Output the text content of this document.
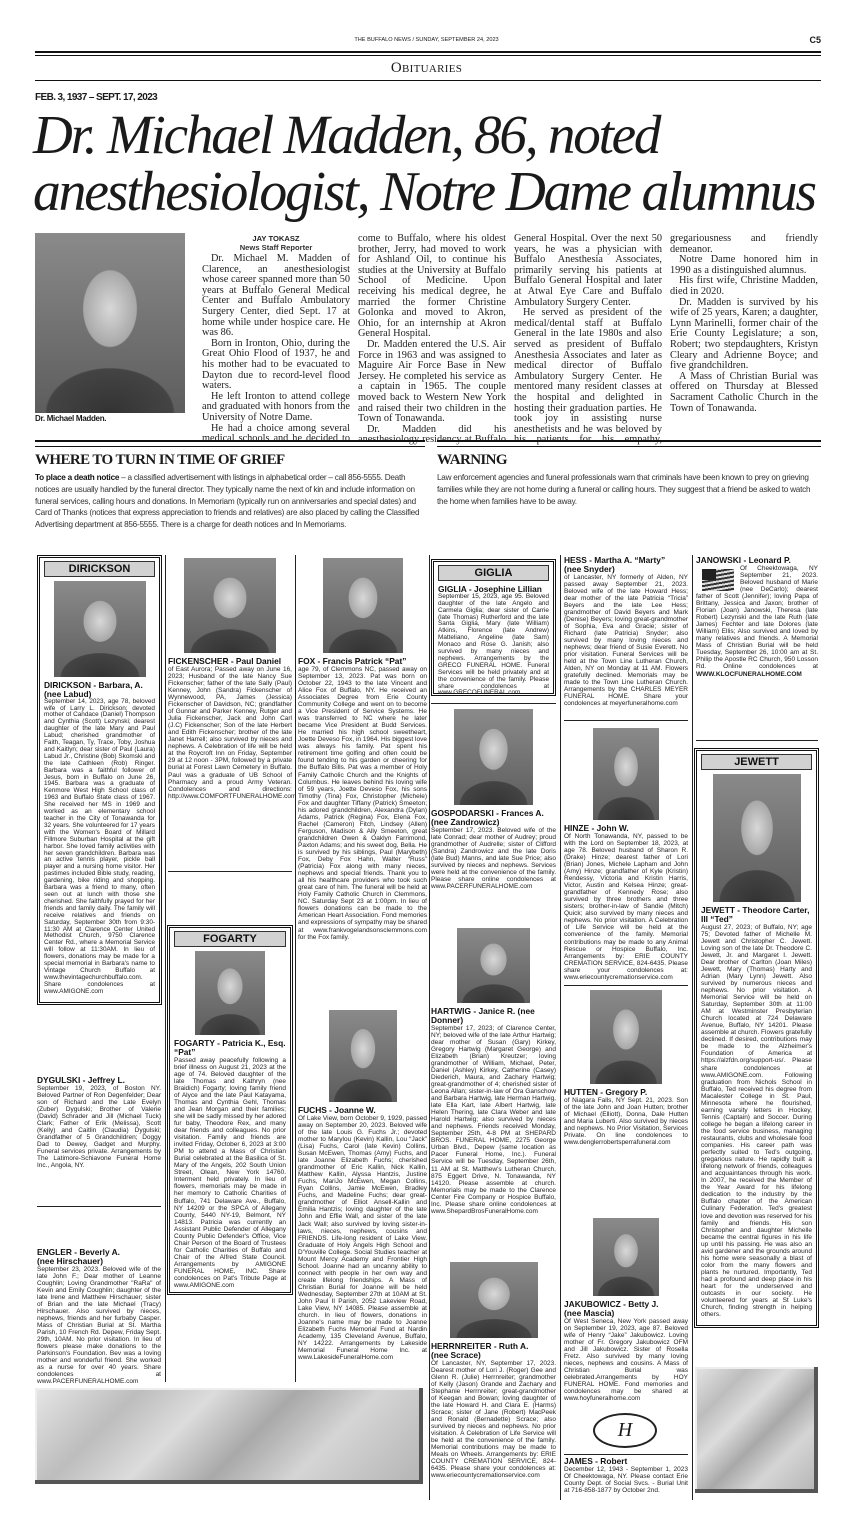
THE BUFFALO NEWS / SUNDAY, SEPTEMBER 24, 2023	C5
Obituaries
FEB. 3, 1937 – SEPT. 17, 2023
Dr. Michael Madden, 86, noted
anesthesiologist, Notre Dame alumnus
Dr. Michael Madden.
JAY TOKASZ
News Staff Reporter

Dr. Michael M. Madden of Clarence, an anesthesiologist whose career spanned more than 50 years at Buffalo General Medical Center and Buffalo Ambulatory Surgery Center, died Sept. 17 at home while under hospice care. He was 86.

Born in Ironton, Ohio, during the Great Ohio Flood of 1937, he and his mother had to be evacuated to Dayton due to record-level flood waters.

He left Ironton to attend college and graduated with honors from the University of Notre Dame.

He had a choice among several medical schools and he decided to come to Buffalo, where his oldest brother, Jerry, had moved to work for Ashland Oil, to continue his studies at the University at Buffalo School of Medicine. Upon receiving his medical degree, he married the former Christine Golonka and moved to Akron, Ohio, for an internship at Akron General Hospital.

Dr. Madden entered the U.S. Air Force in 1963 and was assigned to Maguire Air Force Base in New Jersey. He completed his service as a captain in 1965. The couple moved back to Western New York and raised their two children in the Town of Tonawanda.

Dr. Madden did his anesthesiology residency at Buffalo General Hospital. Over the next 50 years, he was a physician with Buffalo Anesthesia Associates, primarily serving his patients at Buffalo General Hospital and later at Atwal Eye Care and Buffalo Ambulatory Surgery Center.

He served as president of the medical/dental staff at Buffalo General in the late 1980s and also served as president of Buffalo Anesthesia Associates and later as medical director of Buffalo Ambulatory Surgery Center. He mentored many resident classes at the hospital and delighted in hosting their graduation parties. He took joy in assisting nurse anesthetists and he was beloved by his patients for his empathy, gregariousness and friendly demeanor.

Notre Dame honored him in 1990 as a distinguished alumnus.

His first wife, Christine Madden, died in 2020.

Dr. Madden is survived by his wife of 25 years, Karen; a daughter, Lynn Marinelli, former chair of the Erie County Legislature; a son, Robert; two stepdaughters, Kristyn Cleary and Adrienne Boyce; and five grandchildren.

A Mass of Christian Burial was offered on Thursday at Blessed Sacrament Catholic Church in the Town of Tonawanda.

WHERE TO TURN IN TIME OF GRIEF
To place a death notice – a classified advertisement with listings in alphabetical order – call 856-5555. Death notices are usually handled by the funeral director. They typically name the next of kin and include information on funeral services, calling hours and donations. In Memoriam (typically run on anniversaries and special dates) and Card of Thanks (notices that express appreciation to friends and relatives) are also placed by calling the Classified Advertising department at 856-5555. There is a charge for death notices and In Memoriams.
WARNING
Law enforcement agencies and funeral professionals warn that criminals have been known to prey on grieving families while they are not home during a funeral or calling hours. They suggest that a friend be asked to watch the home when families have to be away.
DIRICKSON
DIRICKSON - Barbara, A.
(nee Labud)
September 14, 2023, age 78, beloved wife of Larry L. Dirickson; devoted mother of Candace (Daniel) Thompson and Cynthia (Scott) Lezynski; dearest daughter of the late Mary and Paul Labud; cherished grandmother of Faith, Teagan, Ty, Trace, Toby, Joshua and Kaitlyn; dear sister of Paul (Laura) Labud Jr., Christine (Bob) Skomski and the late Cathleen (Rob) Ringer. Barbara was a faithful follower of Jesus, born in Buffalo on June 26, 1945. Barbara was a graduate of Kenmore West High School class of 1963 and Buffalo State class of 1967. She received her MS in 1969 and worked as an elementary school teacher in the City of Tonawanda for 32 years. She volunteered for 17 years with the Women's Board of Millard Fillmore Suburban Hospital at the gift harbor. She loved family activities with her seven grandchildren. Barbara was an active tennis player, pickle ball player and a nursing home visitor. Her pastimes included Bible study, reading, gardening, bike riding and shopping. Barbara was a friend to many, often seen out at lunch with those she cherished. She faithfully prayed for her friends and family daily. The family will receive relatives and friends on Saturday, September 30th from 9:30-11:30 AM at Clarence Center United Methodist Church, 9750 Clarence Center Rd., where a Memorial Service will follow at 11:30AM. In lieu of flowers, donations may be made for a special memorial in Barbara's name to Vintage Church Buffalo at www.thevintagechurchbuffalo.com. Share condolences at www.AMIGONE.com
DYGULSKI - Jeffrey L.
September 19, 2023, of Boston NY. Beloved Partner of Ron Degenfelder; Dear son of Richard and the Late Evelyn (Zuber) Dygulski; Brother of Valerie (David) Schrader and Jill (Michael Tuck) Clark; Father of Erik (Melissa), Scott (Kelly) and Caitlin (Claudia) Dygulski; Grandfather of 5 Grandchildren; Doggy Dad to Dewey, Gadget and Murphy. Funeral services private. Arrangements by The Latimore-Schiavone Funeral Home Inc., Angola, NY.
ENGLER - Beverly A.
(nee Hirschauer)
September 23, 2023. Beloved wife of the late John F.; Dear mother of Leanne Coughlin; Loving Grandmother "RaRa" of Kevin and Emily Coughlin; daughter of the late Irene and Matthew Hirschauer; sister of Brian and the late Michael (Tracy) Hirschauer. Also survived by nieces, nephews, friends and her furbaby Casper. Mass of Christian Burial at St. Martha Parish, 10 French Rd. Depew, Friday Sept. 29th, 10AM. No prior visitation. In lieu of flowers please make donations to the Parkinson's Foundation. Bev was a loving mother and wonderful friend. She worked as a nurse for over 40 years. Share condolences at www.PACERFUNERALHOME.com
FICKENSCHER - Paul Daniel
of East Aurora; Passed away on June 16, 2023; Husband of the late Nancy Sue Fickenscher; father of the late Sally (Paul) Kenney, John (Sandra) Fickenscher of Wynnewood, PA, James (Jessica) Fickenscher of Davidson, NC; grandfather of Gunnar and Parker Kenney, Rutger and Julia Fickenscher, Jack and John Carl (J.C) Fickenscher; Son of the late Herbert and Edith Fickenscher; brother of the late Janet Harrell; also survived by nieces and nephews. A Celebration of life will be held at the Roycroft Inn on Friday, September 29 at 12 noon - 3PM, followed by a private burial at Forest Lawn Cemetery in Buffalo. Paul was a graduate of UB School of Pharmacy and a proud Army Veteran. Condolences and directions: http://www.COMFORTFUNERALHOME.com
FOGARTY
FOGARTY - Patricia K., Esq.
“Pat”
Passed away peacefully following a brief illness on August 21, 2023 at the age of 74. Beloved daughter of the late Thomas and Kathryn (nee Braidich) Fogarty; loving family friend of Alyce and the late Paul Katayama, Thomas and Cynthia Gehl, Thomas and Jean Morgan and their families; she will be sadly missed by her adored fur baby, Theodore Rex, and many dear friends and colleagues. No prior visitation. Family and friends are invited Friday, October 6, 2023 at 3:00 PM to attend a Mass of Christian Burial celebrated at the Basilica of St. Mary of the Angels, 202 South Union Street, Olean, New York 14760. Interment held privately. In lieu of flowers, memorials may be made in her memory to Catholic Charities of Buffalo, 741 Delaware Ave., Buffalo, NY 14209 or the SPCA of Allegany County, 5440 NY-19, Belmont, NY 14813. Patricia was currently an Assistant Public Defender of Allegany County Public Defender's Office, Vice Chair Person of the Board of Trustees for Catholic Charities of Buffalo and Chair of the Alfred State Council. Arrangements by AMIGONE FUNERAL HOME, INC. Share condolences on Pat's Tribute Page at www.AMIGONE.com
FOX - Francis Patrick “Pat”
age 79, of Clemmons NC, passed away on September 13, 2023. Pat was born on October 22, 1943 to the late Vincent and Alice Fox of Buffalo, NY. He received an Associates Degree from Erie County Community College and went on to become a Vice President of Service Systems. He was transferred to NC where he later became Vice President at Budd Services. He married his high school sweetheart, Joette Deveso Fox, in 1964. His biggest love was always his family. Pat spent his retirement time golfing and often could be found tending to his garden or cheering for the Buffalo Bills. Pat was a member of Holy Family Catholic Church and the Knights of Columbus. He leaves behind his loving wife of 59 years, Joette Deveso Fox, his sons Timothy (Tina) Fox, Christopher (Michele) Fox and daughter Tiffany (Patrick) Smeeton; his adored grandchildren, Alexandra (Dylan) Adams, Patrick (Regina) Fox, Elena Fox, Rachel (Cameron) Fitch, Lindsey (Allen) Ferguson, Madison & Ally Smeeton, great grandchildren Owen & Oaklyn Farrimond, Paxton Adams; and his sweet dog, Bella. He is survived by his siblings, Paul (Marybeth) Fox, Deby Fox Hahn, Walter “Russ” (Patricia) Fox along with many nieces, nephews and special friends. Thank you to all his healthcare providers who took such great care of him. The funeral will be held at Holy Family Catholic Church in Clemmons, NC. Saturday Sept 23 at 1:00pm. In lieu of flowers donations can be made to the American Heart Association. Fond memories and expressions of sympathy may be shared at www.frankvogelandsonsclemmons.com for the Fox family.
FUCHS - Joanne W.
Of Lake View, born October 9, 1929, passed away on September 20, 2023. Beloved wife of the late Louis G. Fuchs Jr.; devoted mother to Marylou (Kevin) Kallin, Lou “Jack” (Lisa) Fuchs, Carol (late Kevin) Collins, Susan McEwen, Thomas (Amy) Fuchs, and late Joanne Elizabeth Fuchs; cherished grandmother of Eric Kallin, Nick Kallin, Matthew Kallin, Alyssa Hantzis, Justine Fuchs, MariJo McEwen, Megan Collins, Ryan Collins, Jamie McEwen, Bradley Fuchs, and Madeline Fuchs; dear great-grandmother of Elliot Ansell-Kallin and Emilia Hantzis; loving daughter of the late John and Effie Wall, and sister of the late Jack Wall; also survived by loving sister-in-laws, nieces, nephews, cousins and FRIENDS. Life-long resident of Lake View. Graduate of Holy Angels High School and D'Youville College. Social Studies teacher at Mount Mercy Academy and Frontier High School. Joanne had an uncanny ability to connect with people in her own way and create lifelong friendships. A Mass of Christian Burial for Joanne will be held Wednesday, September 27th at 10AM at St. John Paul II Parish, 2052 Lakeview Road, Lake View, NY 14085. Please assemble at church. In lieu of flowers, donations in Joanne's name may be made to Joanne Elizabeth Fuchs Memorial Fund at Nardin Academy, 135 Cleveland Avenue, Buffalo, NY 14222. Arrangements by Lakeside Memorial Funeral Home Inc. at www.LakesideFuneralHome.com
GIGLIA
GIGLIA - Josephine Lillian
September 15, 2023, age 95. Beloved daughter of the late Angelo and Carmela Giglia; dear sister of Carrie (late Thomas) Rutherford and the late Santa Giglia, Mary (late William) Atkins, Florence (late Andrew) Matteliano, Angeline (late Sam) Monaco and Rose G. Janish; also survived by many nieces and nephews. Arrangements by the GRECO FUNERAL HOME. Funeral Services will be held privately and at the convenience of the family. Please share condolences at www.GRECOFUNERAL.com.
GOSPODARSKI - Frances A.
(nee Zandrowicz)
September 17, 2023. Beloved wife of the late Conrad; dear mother of Audrey; proud grandmother of Audrelle; sister of Clifford (Sandra) Zandrowicz and the late Doris (late Bud) Manns, and late Sue Price; also survived by nieces and nephews. Services were held at the convenience of the family. Please share online condolences at www.PACERFUNERALHOME.com
HARTWIG - Janice R. (nee Donner)
September 17, 2023; of Clarence Center, NY; beloved wife of the late Arthur Hartwig; dear mother of Susan (Gary) Kirkey, Gregory Hartwig (Margaret George) and Elizabeth (Brian) Kreutzer; loving grandmother of William, Michael, Peter, Daniel (Ashley) Kirkey, Catherine (Casey) Diederich, Maura, and Zachary Hartwig; great-grandmother of 4; cherished sister of Leona Allan; sister-in-law of Ora Ganschow and Barbara Hartwig, late Herman Hartwig, late Ella Kart, late Albert Hartwig, late Helen Thering, late Clara Weber and late Harold Hartwig; also survived by nieces and nephews. Friends received Monday, September 25th, 4-8 PM at SHEPARD BROS. FUNERAL HOME, 2275 George Urban Blvd., Depew (same location as Pacer Funeral Home, Inc.). Funeral Service will be Tuesday, September 26th, 11 AM at St. Matthew's Lutheran Church, 875 Eggert Drive, N. Tonawanda, NY 14120. Please assemble at church. Memorials may be made to the Clarence Center Fire Company or Hospice Buffalo, Inc. Please share online condolences at www.ShepardBrosFuneralHome.com
HERRNREITER - Ruth A.
(nee Scrace)
Of Lancaster, NY, September 17, 2023. Dearest mother of Lori J. (Roger) Gee and Glenn R. (Julie) Herrnreiter; grandmother of Kelly (Jason) Grande and Zachary and Stephanie Herrnreiter; great-grandmother of Keegan and Bowan; loving daughter of the late Howard H. and Clara E. (Harms) Scrace; sister of Jane (Robert) MacPeek and Ronald (Bernadette) Scrace; also survived by nieces and nephews. No prior visitation. A Celebration of Life Service will be held at the convenience of the family. Memorial contributions may be made to Meals on Wheels. Arrangements by: ERIE COUNTY CREMATION SERVICE, 824-6435. Please share your condolences at: www.eriecountycremationservice.com
HESS - Martha A. “Marty”
(nee Snyder)
of Lancaster, NY formerly of Alden, NY passed away September 21, 2023. Beloved wife of the late Howard Hess; dear mother of the late Patricia “Tricia” Beyers and the late Lee Hess; grandmother of David Beyers and Mark (Denise) Beyers; loving great-grandmother of Sophia, Eva and Gracie; sister of Richard (late Patricia) Snyder; also survived by many loving nieces and nephews; dear friend of Susie Everett. No prior visitation. Funeral Services will be held at the Town Line Lutheran Church, Alden, NY on Monday at 11 AM. Flowers gratefully declined. Memorials may be made to the Town Line Lutheran Church. Arrangements by the CHARLES MEYER FUNERAL HOME. Share your condolences at meyerfuneralhome.com
HINZE - John W.
Of North Tonawanda, NY, passed to be with the Lord on September 18, 2023, at age 78. Beloved husband of Sharon R. (Drake) Hinze; dearest father of Lori (Brian) Jones, Michele Lapham and John (Amy) Hinze; grandfather of Kyle (Kristin) Rendessy, Victoria and Kristin Harris, Victor, Austin and Kelsea Hinze; great-grandfather of Kennedy Rose; also survived by three brothers and three sisters; brother-in-law of Sandie (Mitch) Quick; also survived by many nieces and nephews. No prior visitation. A Celebration of Life Service will be held at the convenience of the family. Memorial contributions may be made to any Animal Rescue or Hospice Buffalo, Inc. Arrangements by: ERIE COUNTY CREMATION SERVICE, 824-6435. Please share your condolences at: www.eriecountycremationservice.com
HUTTEN - Gregory P.
of Niagara Falls, NY Sept. 21, 2023. Son of the late John and Joan Hutten; brother of Michael (Elliott), Donna, Dale Hutten and Maria Luberti. Also survived by nieces and nephews. No Prior Visitation, Services Private. On line condolences to www.denglerrobertsperrafuneral.com
JAKUBOWICZ - Betty J.
(nee Mascia)
Of West Seneca, New York passed away on September 19, 2023, age 87. Beloved wife of Henry “Jake” Jakubowicz. Loving mother of Fr. Gregory Jakubowicz OFM and Jill Jakubowicz. Sister of Rosella Fretz. Also survived by many loving nieces, nephews and cousins. A Mass of Christian Burial was celebrated.Arrangements by HOY FUNERAL HOME. Fond memories and condolences may be shared at www.hoyfuneralhome.com
H
JAMES - Robert
December 12, 1943 - September 1, 2023 Of Cheektowaga, NY. Please contact Erie County Dept. of Social Svcs. - Burial Unit at 716-858-1877 by October 2nd.
JANOWSKI - Leonard P.
Of Cheektowaga, NY September 21, 2023. Beloved husband of Marie (nee DeCarlo); dearest father of Scott (Jennifer); loving Papa of Brittany, Jessica and Jaxon; brother of Florian (Joan) Janowski, Theresa (late Robert) Lezynski and the late Ruth (late James) Fechter and late Dolores (late William) Ellis; Also survived and loved by many relatives and friends. A Memorial Mass of Christian Burial will be held Tuesday, September 26, 10:00 am at St. Philip the Apostle RC Church, 950 Losson Rd. Online condolences at WWW.KLOCFUNERALHOME.COM
JEWETT
JEWETT - Theodore Carter, III “Ted”
August 27, 2023; of Buffalo, NY; age 75; Devoted father of Michelle M. Jewett and Christopher C. Jewett. Loving son of the late Dr. Theodore C. Jewett, Jr. and Margaret I. Jewett. Dear brother of Carlton (Joan Miles) Jewett, Mary (Thomas) Harty and Adrian (Mary Lynn) Jewett. Also survived by numerous nieces and nephews. No prior visitation. A Memorial Service will be held on Saturday, September 30th at 11:00 AM at Westminster Presbyterian Church located at 724 Delaware Avenue, Buffalo, NY 14201. Please assemble at church. Flowers gratefully declined. If desired, contributions may be made to the Alzheimer's Foundation of America at https://alzfdn.org/support-us/. Please share condolences at www.AMIGONE.com. Following graduation from Nichols School in Buffalo, Ted received his degree from Macalester College in St. Paul, Minnesota where he flourished, earning varsity letters in Hockey, Tennis (Captain) and Soccer. During college he began a lifelong career in the food service business, managing restaurants, clubs and wholesale food companies. His career path was perfectly suited to Ted's outgoing, gregarious nature. He rapidly built a lifelong network of friends, colleagues and acquaintances through his work. In 2007, he received the Member of the Year Award for his lifelong dedication to the industry by the Buffalo chapter of the American Culinary Federation. Ted's greatest love and devotion was reserved for his family and friends. His son Christopher and daughter Michelle became the central figures in his life up until his passing. He was also an avid gardener and the grounds around his home were seasonally a blast of color from the many flowers and plants he nurtured. Importantly, Ted had a profound and deep place in his heart for the underserved and outcasts in our society. He volunteered for years at St Luke's Church, finding strength in helping others.
